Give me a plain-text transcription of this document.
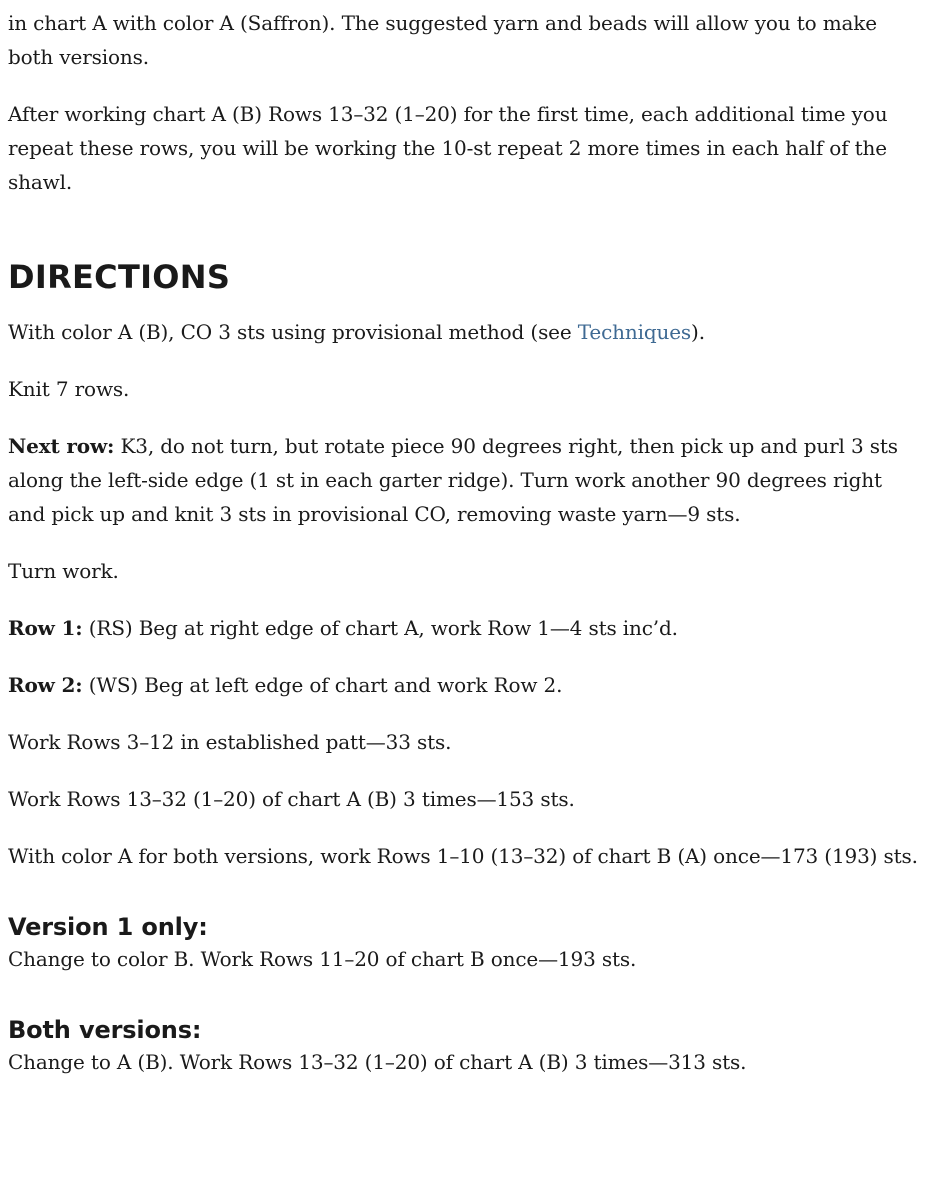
in chart A with color A (Saffron). The suggested yarn and beads will allow you to make both versions.

After working chart A (B) Rows 13–32 (1–20) for the first time, each additional time you repeat these rows, you will be working the 10-st repeat 2 more times in each half of the shawl.

DIRECTIONS

With color A (B), CO 3 sts using provisional method (see Techniques).

Knit 7 rows.

Next row: K3, do not turn, but rotate piece 90 degrees right, then pick up and purl 3 sts along the left-side edge (1 st in each garter ridge). Turn work another 90 degrees right and pick up and knit 3 sts in provisional CO, removing waste yarn—9 sts.

Turn work.

Row 1: (RS) Beg at right edge of chart A, work Row 1—4 sts inc’d.

Row 2: (WS) Beg at left edge of chart and work Row 2.

Work Rows 3–12 in established patt—33 sts.

Work Rows 13–32 (1–20) of chart A (B) 3 times—153 sts.

With color A for both versions, work Rows 1–10 (13–32) of chart B (A) once—173 (193) sts.

Version 1 only:

Change to color B. Work Rows 11–20 of chart B once—193 sts.

Both versions:

Change to A (B). Work Rows 13–32 (1–20) of chart A (B) 3 times—313 sts.
